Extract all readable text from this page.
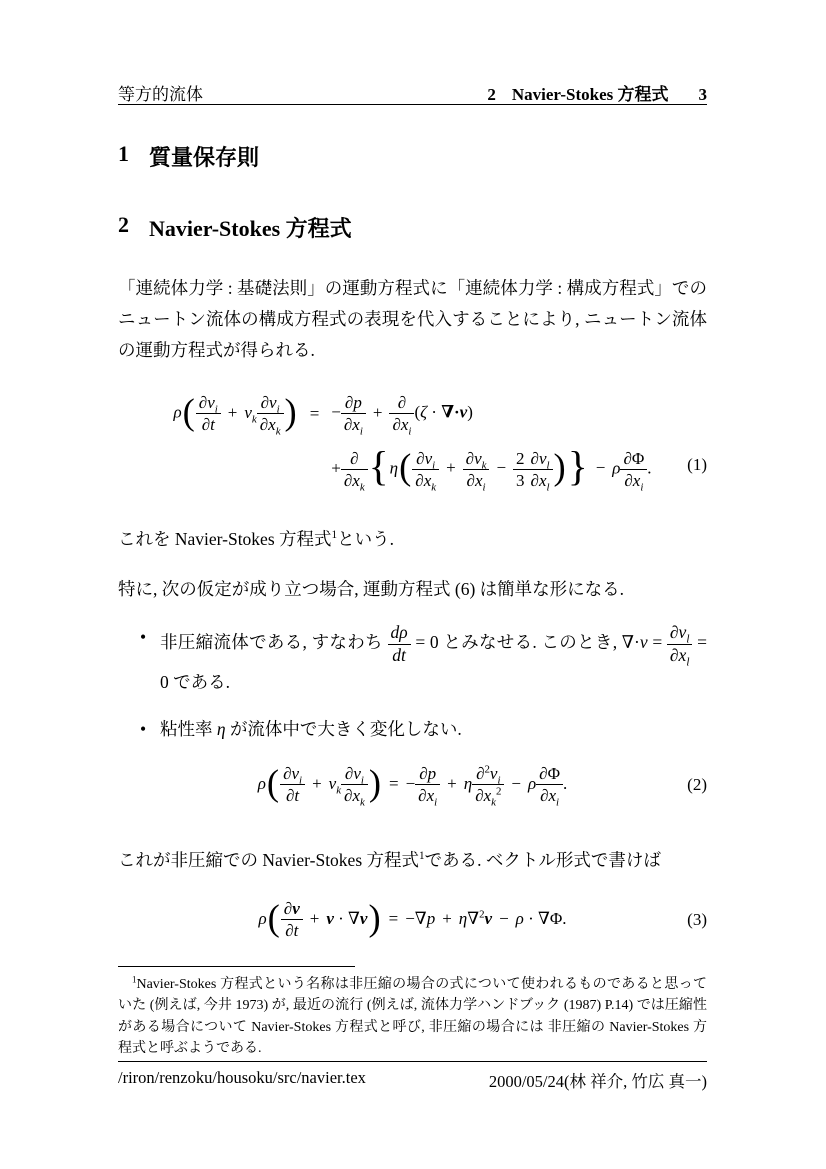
等方的流体	2 Navier-Stokes 方程式 3
1 質量保存則
2 Navier-Stokes 方程式
「連続体力学 : 基礎法則」の運動方程式に「連続体力学 : 構成方程式」でのニュートン流体の構成方程式の表現を代入することにより, ニュートン流体の運動方程式が得られる.
$\rho( \frac{\partial v_i}{\partial t} + v_k \frac{\partial v_i}{\partial x_k}$ ) = − $\frac{\partial p}{\partial x_i}$ +
∂
$\partial x_i$
(ζ · ∇·v)
+
∂
$\partial x_k$ {$\eta( \frac{\partial v_i}{\partial x_k} + \frac{\partial v_k}{\partial x_i} - \frac{2}{3} \frac{\partial v_l}{\partial x_l}$ )} − ρ $\frac{\partial\Phi}{\partial x_i}$ . (1)
これを Navier-Stokes 方程式$^1$という.
特に, 次の仮定が成り立つ場合, 運動方程式 (6) は簡単な形になる.
• 非圧縮流体である, すなわち $\frac{d\rho}{dt} = 0$ とみなせる. このとき, $\nabla\cdot v = \frac{\partial v_l}{\partial x_l} = 0$ である.
• 粘性率 η が流体中で大きく変化しない.
$\rho( \frac{\partial v_i}{\partial t} + v_k \frac{\partial v_i}{\partial x_k}$ ) = − $\frac{\partial p}{\partial x_i} + \eta \frac{\partial^2v_i}{\partial x_k^2} - \rho \frac{\partial\Phi}{\partial x_i}$ .	(2)
これが非圧縮での Navier-Stokes 方程式$^1$である. ベクトル形式で書けば
$\rho( \frac{\partial v}{\partial t} + v \cdot \nabla v) = -\nabla p + \eta\nabla^2v - \rho \cdot \nabla\Phi$.	(3)
$^1$Navier-Stokes 方程式という名称は非圧縮の場合の式について使われるものであると思っていた (例えば, 今井 1973) が, 最近の流行 (例えば, 流体力学ハンドブック (1987) P.14) では圧縮性がある場合について Navier-Stokes 方程式と呼び, 非圧縮の場合には 非圧縮の Navier-Stokes 方程式と呼ぶようである.
/riron/renzoku/housoku/src/navier.tex	2000/05/24(林 祥介, 竹広 真一)
